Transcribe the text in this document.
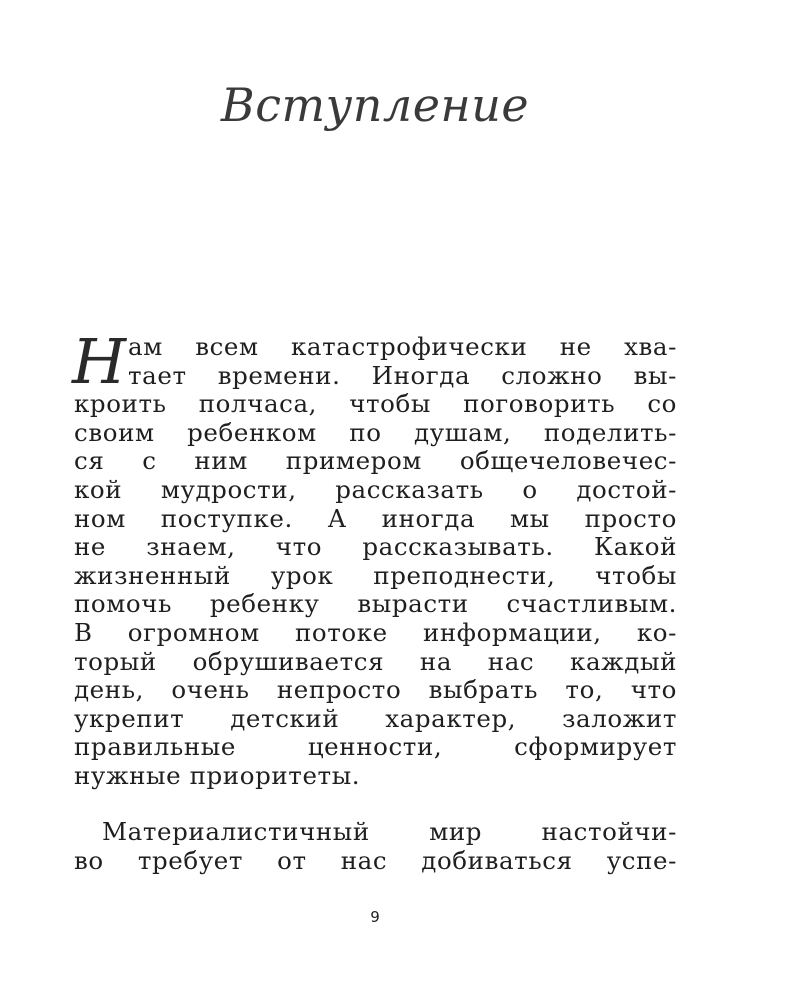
Вступление
Н ам всем катастрофически не хва-
тает времени. Иногда сложно вы-
кроить полчаса, чтобы поговорить со
своим ребенком по душам, поделить-
ся с ним примером общечеловечес-
кой мудрости, рассказать о достой-
ном поступке. А иногда мы просто
не знаем, что рассказывать. Какой
жизненный урок преподнести, чтобы
помочь ребенку вырасти счастливым.
В огромном потоке информации, ко-
торый обрушивается на нас каждый
день, очень непросто выбрать то, что
укрепит детский характер, заложит
правильные ценности, сформирует
нужные приоритеты.
Материалистичный мир настойчи-
во требует от нас добиваться успе-
9
